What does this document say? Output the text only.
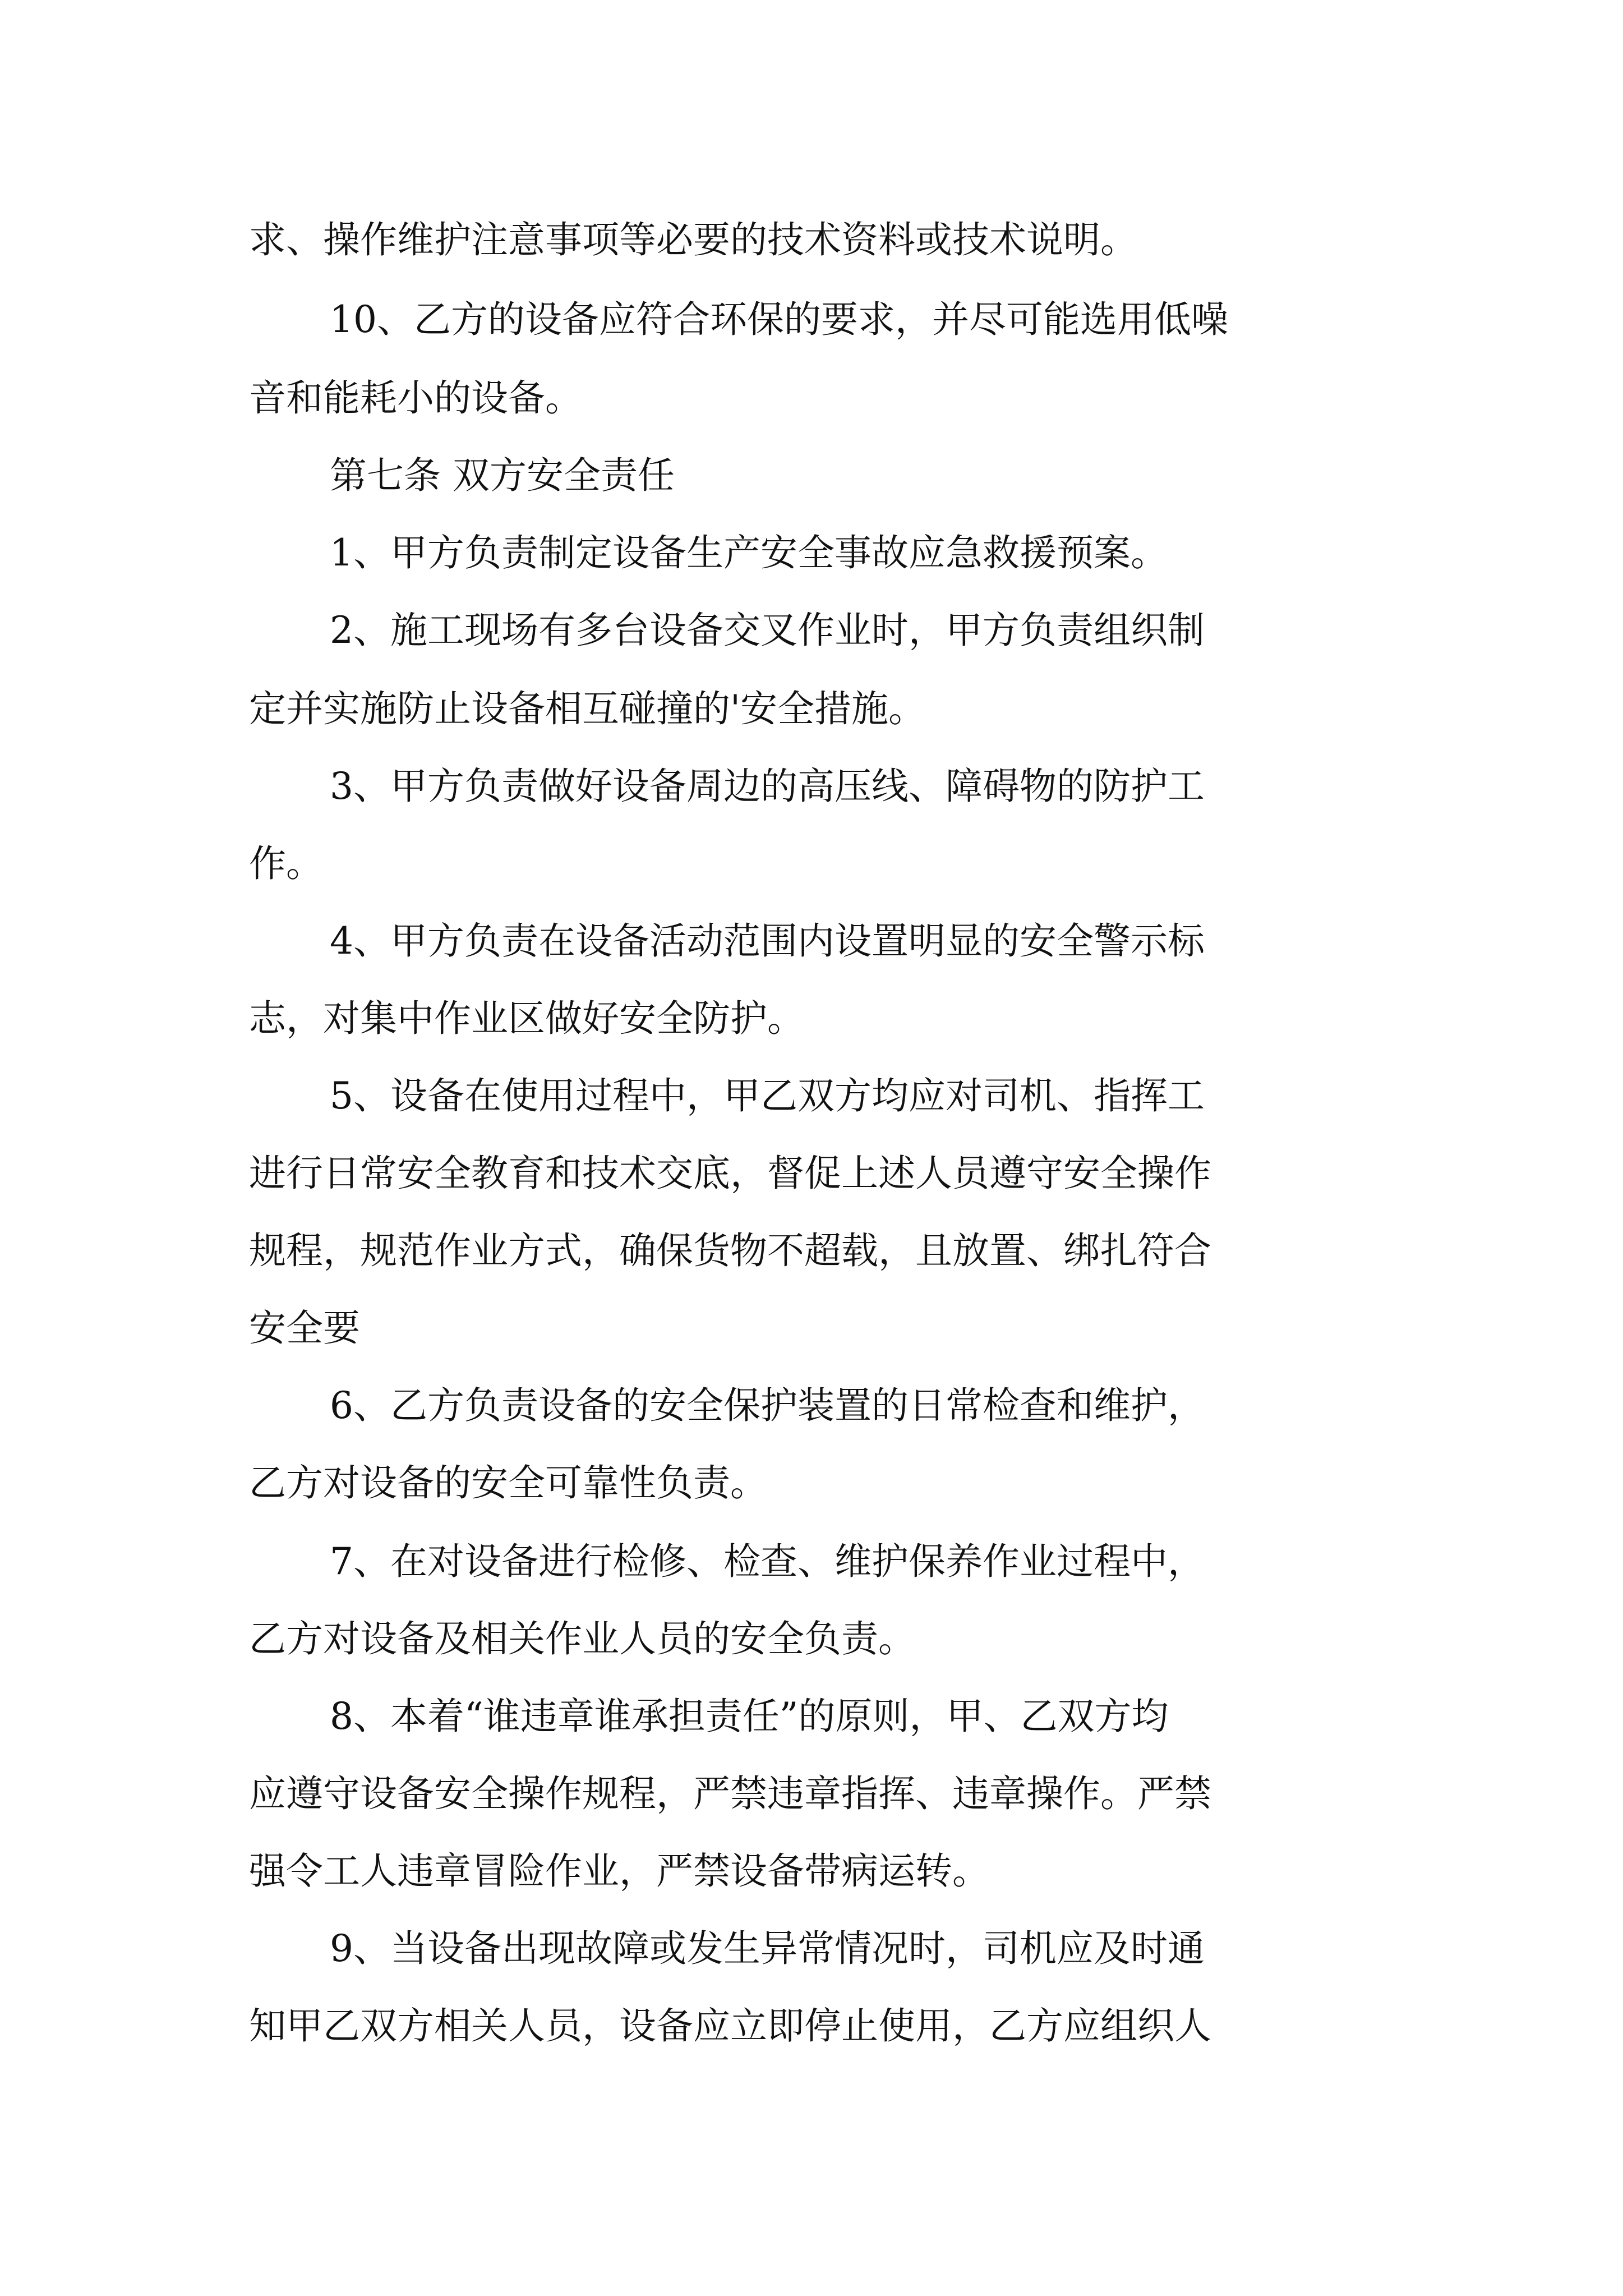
求、操作维护注意事项等必要的技术资料或技术说明。
10、乙方的设备应符合环保的要求，并尽可能选用低噪
音和能耗小的设备。
第七条 双方安全责任
1、甲方负责制定设备生产安全事故应急救援预案。
2、施工现场有多台设备交叉作业时，甲方负责组织制
定并实施防止设备相互碰撞的'安全措施。
3、甲方负责做好设备周边的高压线、障碍物的防护工
作。
4、甲方负责在设备活动范围内设置明显的安全警示标
志，对集中作业区做好安全防护。
5、设备在使用过程中，甲乙双方均应对司机、指挥工
进行日常安全教育和技术交底，督促上述人员遵守安全操作
规程，规范作业方式，确保货物不超载，且放置、绑扎符合
安全要
6、乙方负责设备的安全保护装置的日常检查和维护，
乙方对设备的安全可靠性负责。
7、在对设备进行检修、检查、维护保养作业过程中，
乙方对设备及相关作业人员的安全负责。
8、本着“谁违章谁承担责任”的原则，甲、乙双方均
应遵守设备安全操作规程，严禁违章指挥、违章操作。严禁
强令工人违章冒险作业，严禁设备带病运转。
9、当设备出现故障或发生异常情况时，司机应及时通
知甲乙双方相关人员，设备应立即停止使用，乙方应组织人
